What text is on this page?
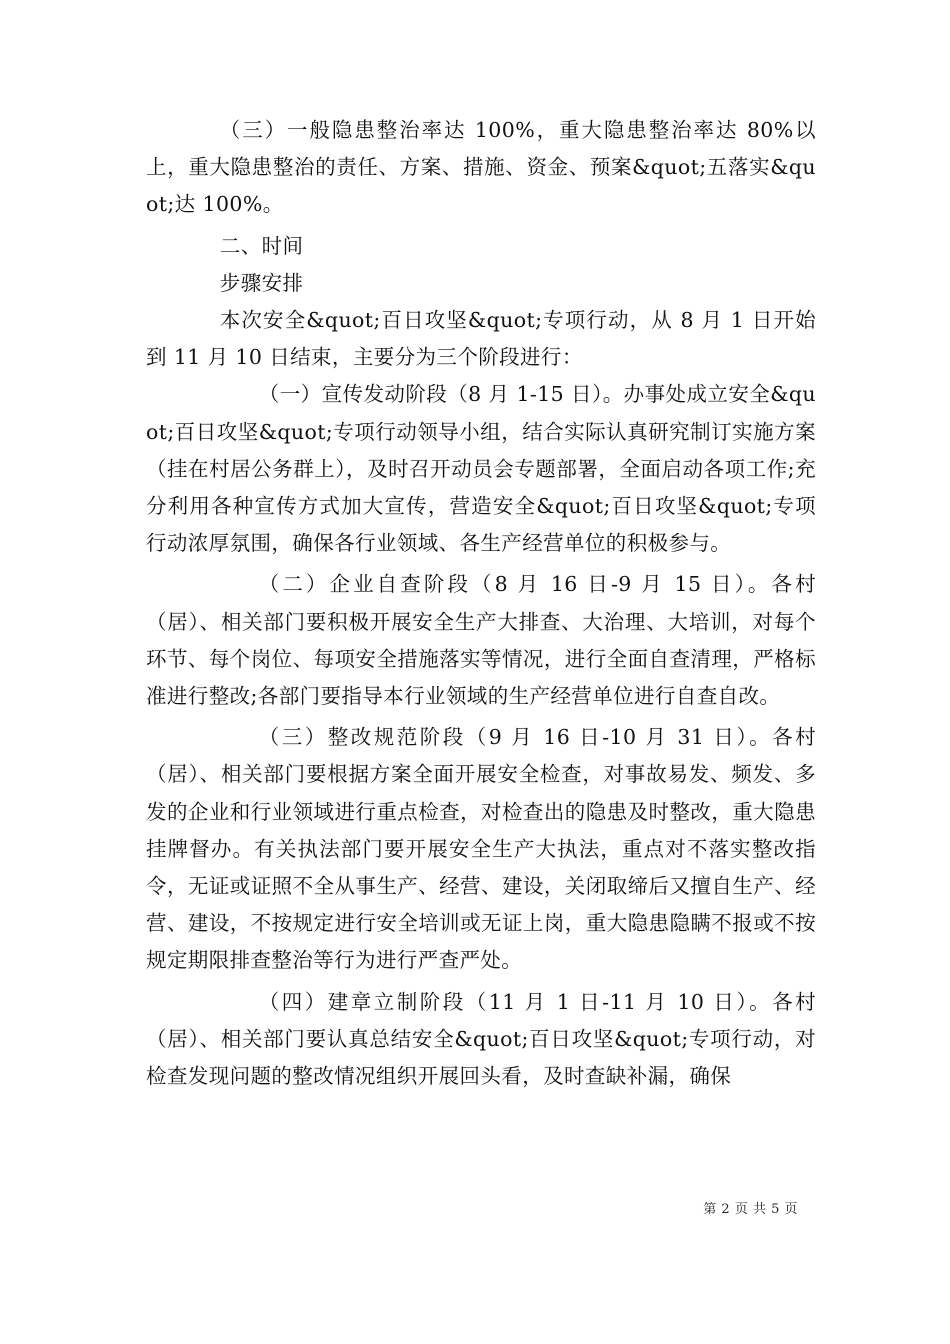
（三）一般隐患整治率达 100%，重大隐患整治率达 80%以上，重大隐患整治的责任、方案、措施、资金、预案&quot;五落实&quot;达 100%。

二、时间

步骤安排

本次安全&quot;百日攻坚&quot;专项行动，从 8 月 1 日开始到 11 月 10 日结束，主要分为三个阶段进行：

（一）宣传发动阶段（8 月 1-15 日）。办事处成立安全&quot;百日攻坚&quot;专项行动领导小组，结合实际认真研究制订实施方案（挂在村居公务群上），及时召开动员会专题部署，全面启动各项工作;充分利用各种宣传方式加大宣传，营造安全&quot;百日攻坚&quot;专项行动浓厚氛围，确保各行业领域、各生产经营单位的积极参与。

（二）企业自查阶段（8 月 16 日-9 月 15 日）。各村（居）、相关部门要积极开展安全生产大排查、大治理、大培训，对每个环节、每个岗位、每项安全措施落实等情况，进行全面自查清理，严格标准进行整改;各部门要指导本行业领域的生产经营单位进行自查自改。

（三）整改规范阶段（9 月 16 日-10 月 31 日）。各村（居）、相关部门要根据方案全面开展安全检查，对事故易发、频发、多发的企业和行业领域进行重点检查，对检查出的隐患及时整改，重大隐患挂牌督办。有关执法部门要开展安全生产大执法，重点对不落实整改指令，无证或证照不全从事生产、经营、建设，关闭取缔后又擅自生产、经营、建设，不按规定进行安全培训或无证上岗，重大隐患隐瞒不报或不按规定期限排查整治等行为进行严查严处。

（四）建章立制阶段（11 月 1 日-11 月 10 日）。各村（居）、相关部门要认真总结安全&quot;百日攻坚&quot;专项行动，对检查发现问题的整改情况组织开展回头看，及时查缺补漏，确保

第 2 页 共 5 页
